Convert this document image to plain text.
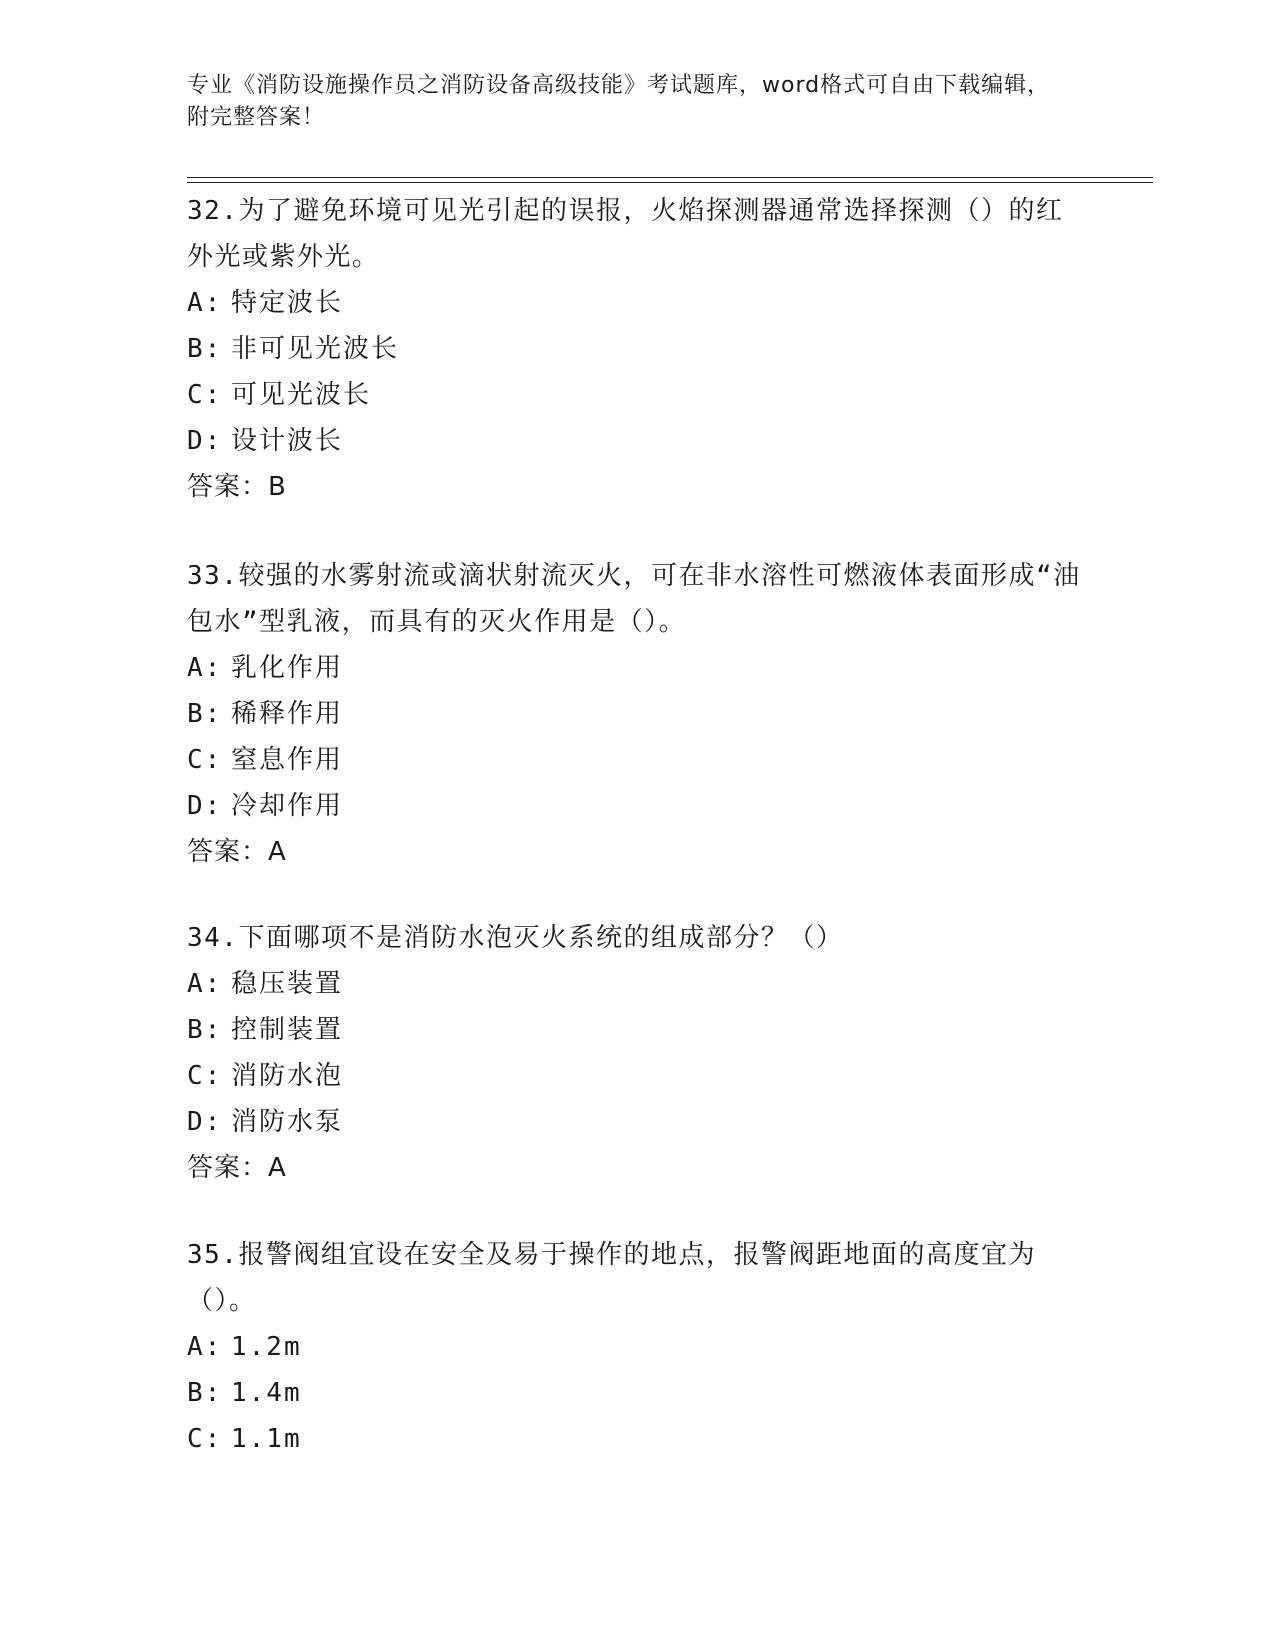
专业《消防设施操作员之消防设备高级技能》考试题库，word格式可自由下载编辑，附完整答案！

32.为了避免环境可见光引起的误报，火焰探测器通常选择探测（）的红外光或紫外光。

A: 特定波长

B: 非可见光波长

C: 可见光波长

D: 设计波长

答案：B

33.较强的水雾射流或滴状射流灭火，可在非水溶性可燃液体表面形成“油包水”型乳液，而具有的灭火作用是（）。

A: 乳化作用

B: 稀释作用

C: 窒息作用

D: 冷却作用

答案：A

34.下面哪项不是消防水泡灭火系统的组成部分？（）

A: 稳压装置

B: 控制装置

C: 消防水泡

D: 消防水泵

答案：A

35.报警阀组宜设在安全及易于操作的地点，报警阀距地面的高度宜为（）。

A: 1.2m

B: 1.4m

C: 1.1m
